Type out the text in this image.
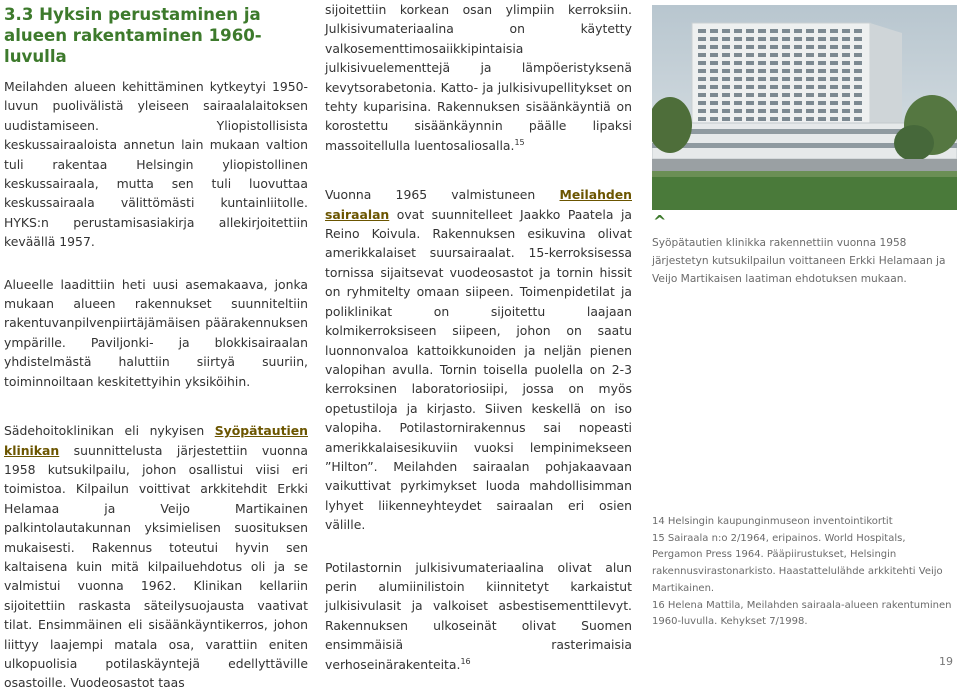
3.3 Hyksin perustaminen ja alueen rakentaminen 1960-luvulla

Meilahden alueen kehittäminen kytkeytyi 1950-luvun puolivälistä yleiseen sairaalalaitoksen uudistamiseen. Yliopistollisista keskussairaaloista annetun lain mukaan valtion tuli rakentaa Helsingin yliopistollinen keskussairaala, mutta sen tuli luovuttaa keskussairaala välittömästi kuntainliitolle. HYKS:n perustamisasiakirja allekirjoitettiin keväällä 1957.

Alueelle laadittiin heti uusi asemakaava, jonka mukaan alueen rakennukset suunniteltiin rakentuvanpilvenpiirtäjämäisen päärakennuksen ympärille. Paviljonki- ja blokkisairaalan yhdistelmästä haluttiin siirtyä suuriin, toiminnoiltaan keskitettyihin yksiköihin.

Sädehoitoklinikan eli nykyisen Syöpätautien klinikan suunnittelusta järjestettiin vuonna 1958 kutsukilpailu, johon osallistui viisi eri toimistoa. Kilpailun voittivat arkkitehdit Erkki Helamaa ja Veijo Martikainen palkintolautakunnan yksimielisen suosituksen mukaisesti. Rakennus toteutui hyvin sen kaltaisena kuin mitä kilpailuehdotus oli ja se valmistui vuonna 1962. Klinikan kellariin sijoitettiin raskasta säteilysuojausta vaativat tilat. Ensimmäinen eli sisäänkäyntikerros, johon liittyy laajempi matala osa, varattiin eniten ulkopuolisia potilaskäyntejä edellyttäville osastoille. Vuodeosastot taas

sijoitettiin korkean osan ylimpiin kerroksiin. Julkisivumateriaalina on käytetty valkosementtimosaiikkipintaisia julkisivuelementtejä ja lämpöeristyksenä kevytsorabetonia. Katto- ja julkisivupellitykset on tehty kuparisina. Rakennuksen sisäänkäyntiä on korostettu sisäänkäynnin päälle lipaksi massoitellulla luentosaliosalla.$^{15}$

Vuonna 1965 valmistuneen Meilahden sairaalan ovat suunnitelleet Jaakko Paatela ja Reino Koivula. Rakennuksen esikuvina olivat amerikkalaiset suursairaalat. 15-kerroksisessa tornissa sijaitsevat vuodeosastot ja tornin hissit on ryhmitelty omaan siipeen. Toimenpidetilat ja poliklinikat on sijoitettu laajaan kolmikerroksiseen siipeen, johon on saatu luonnonvaloa kattoikkunoiden ja neljän pienen valopihan avulla. Tornin toisella puolella on 2-3 kerroksinen laboratoriosiipi, jossa on myös opetustiloja ja kirjasto. Siiven keskellä on iso valopiha. Potilastornirakennus sai nopeasti amerikkalaisesikuviin vuoksi lempinimekseen ”Hilton”. Meilahden sairaalan pohjakaavaan vaikuttivat pyrkimykset luoda mahdollisimman lyhyet liikenneyhteydet sairaalan eri osien välille.

Potilastornin julkisivumateriaalina olivat alun perin alumiinilistoin kiinnitetyt karkaistut julkisivulasit ja valkoiset asbestisementtilevyt. Rakennuksen ulkoseinät olivat Suomen ensimmäisiä rasterimaisia verhoseinärakenteita.$^{16}$

^
Syöpätautien klinikka rakennettiin vuonna 1958 järjestetyn kutsukilpailun voittaneen Erkki Helamaan ja Veijo Martikaisen laatiman ehdotuksen mukaan.

14 Helsingin kaupunginmuseon inventointikortit

15 Sairaala n:o 2/1964, eripainos. World Hospitals, Pergamon Press 1964. Pääpiirustukset, Helsingin rakennusvirastonarkisto. Haastattelulähde arkkitehti Veijo Martikainen.

16 Helena Mattila, Meilahden sairaala-alueen rakentuminen 1960-luvulla. Kehykset 7/1998.

19
